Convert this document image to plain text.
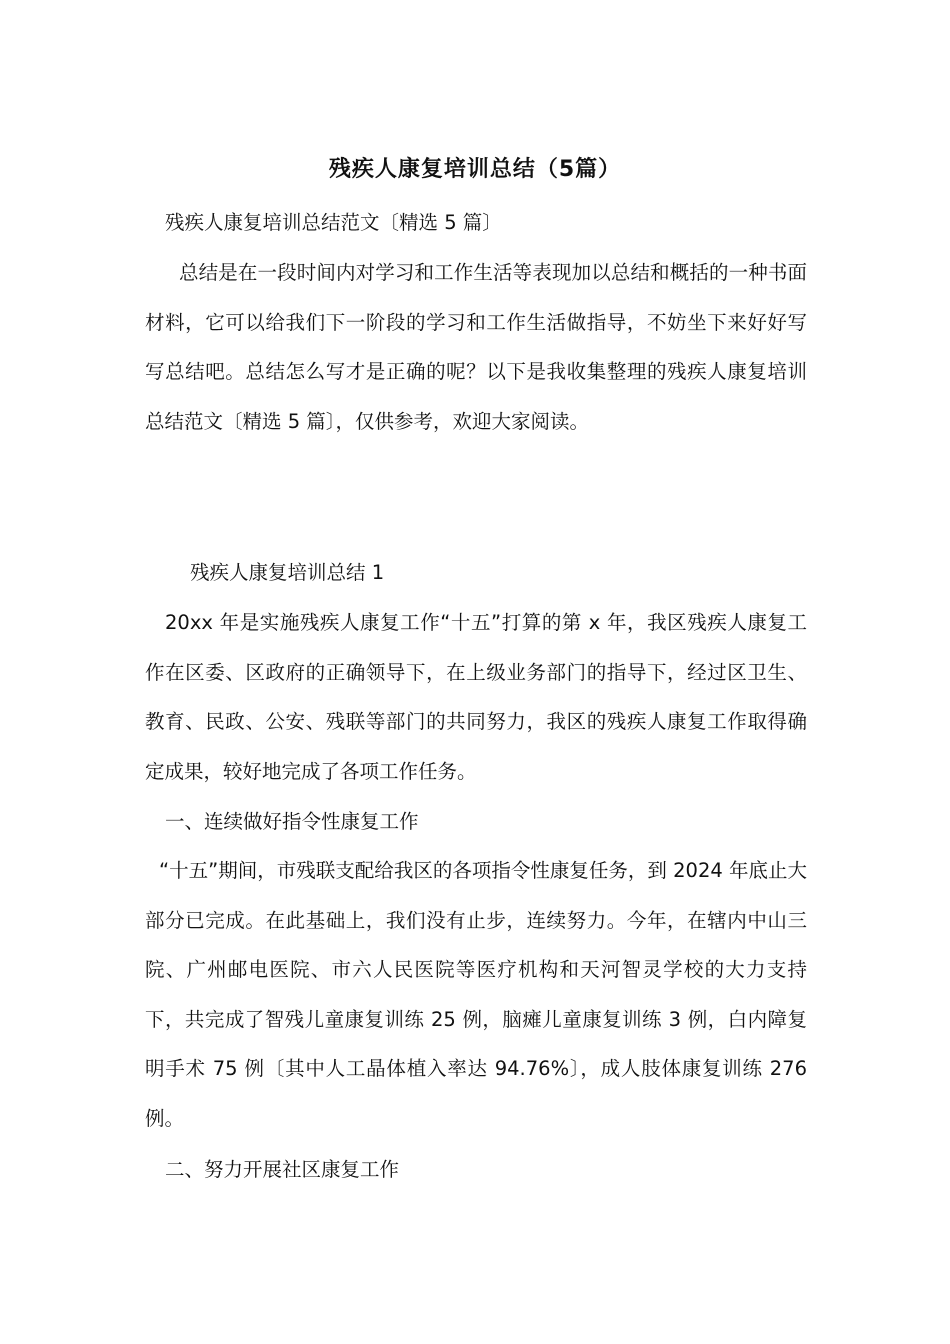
残疾人康复培训总结（5篇）
残疾人康复培训总结范文〔精选 5 篇〕
总结是在一段时间内对学习和工作生活等表现加以总结和概括的一种书面材料，它可以给我们下一阶段的学习和工作生活做指导，不妨坐下来好好写写总结吧。总结怎么写才是正确的呢？以下是我收集整理的残疾人康复培训总结范文〔精选 5 篇〕，仅供参考，欢迎大家阅读。
残疾人康复培训总结 1
20xx 年是实施残疾人康复工作“十五”打算的第 x 年，我区残疾人康复工作在区委、区政府的正确领导下，在上级业务部门的指导下，经过区卫生、教育、民政、公安、残联等部门的共同努力，我区的残疾人康复工作取得确定成果，较好地完成了各项工作任务。
一、连续做好指令性康复工作
“十五”期间，市残联支配给我区的各项指令性康复任务，到 2024 年底止大部分已完成。在此基础上，我们没有止步，连续努力。今年，在辖内中山三院、广州邮电医院、市六人民医院等医疗机构和天河智灵学校的大力支持下，共完成了智残儿童康复训练 25 例，脑瘫儿童康复训练 3 例，白内障复明手术 75 例〔其中人工晶体植入率达 94.76%〕，成人肢体康复训练 276 例。
二、努力开展社区康复工作
